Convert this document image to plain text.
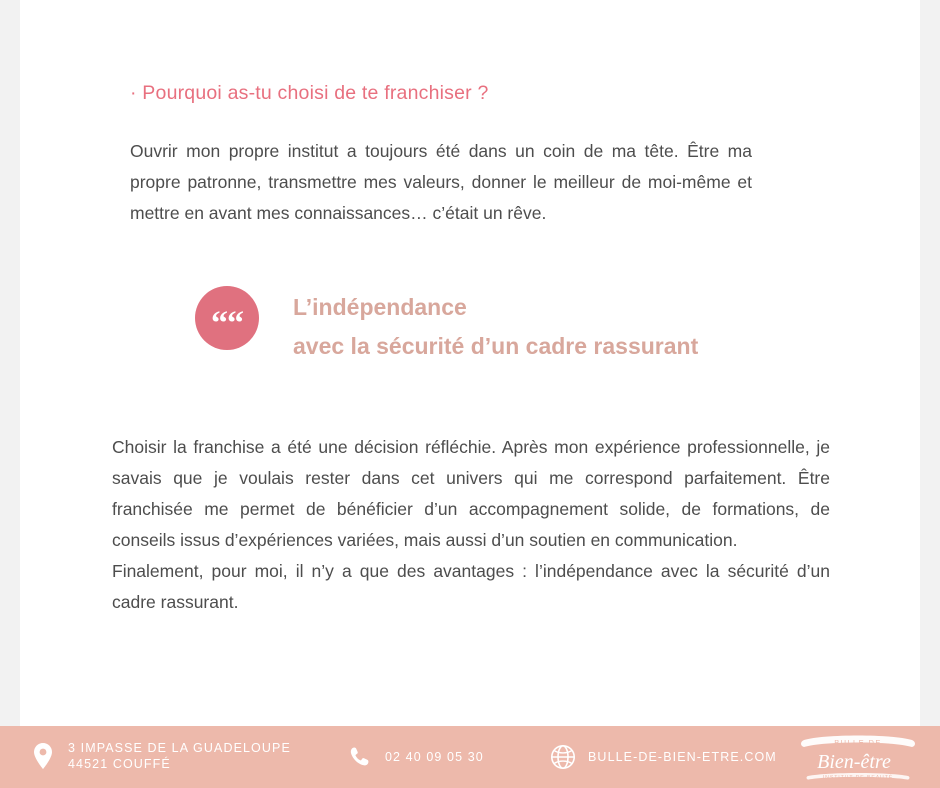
· Pourquoi as-tu choisi de te franchiser ?
Ouvrir mon propre institut a toujours été dans un coin de ma tête. Être ma propre patronne, transmettre mes valeurs, donner le meilleur de moi-même et mettre en avant mes connaissances… c’était un rêve.
““ L’indépendance
avec la sécurité d’un cadre rassurant

Choisir la franchise a été une décision réfléchie. Après mon expérience professionnelle, je savais que je voulais rester dans cet univers qui me correspond parfaitement. Être franchisée me permet de bénéficier d’un accompagnement solide, de formations, de conseils issus d’expériences variées, mais aussi d’un soutien en communication.

Finalement, pour moi, il n’y a que des avantages : l’indépendance avec la sécurité d’un cadre rassurant.

3 IMPASSE DE LA GUADELOUPE
44521 COUFFÉ	02 40 09 05 30	BULLE-DE-BIEN-ETRE.COM
BULLE DE
Bien-être
INSTITUT DE BEAUTÉ
